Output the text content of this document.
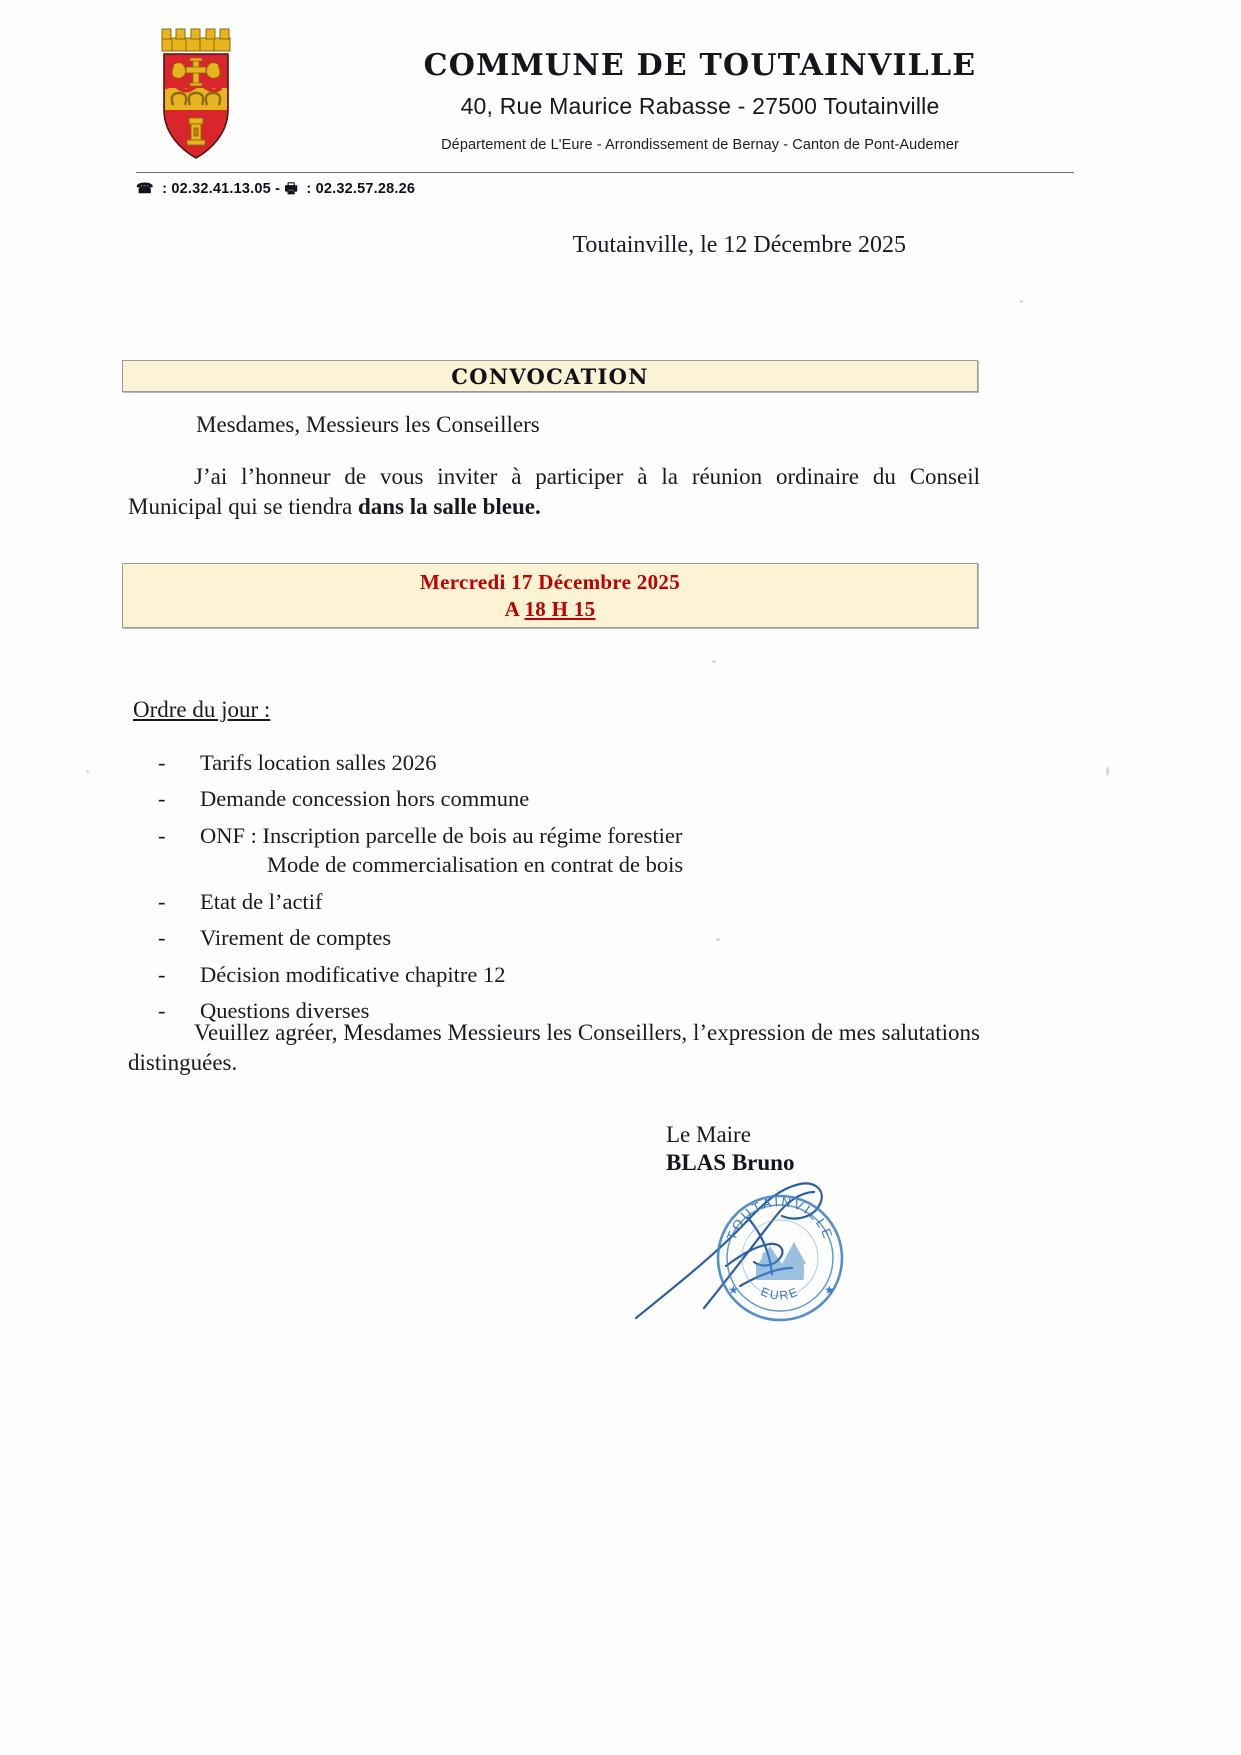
COMMUNE DE TOUTAINVILLE
40, Rue Maurice Rabasse - 27500 Toutainville
Département de L'Eure - Arrondissement de Bernay - Canton de Pont-Audemer
☎  : 02.32.41.13.05 - 🖶  : 02.32.57.28.26
Toutainville, le 12 Décembre 2025
CONVOCATION
Mesdames, Messieurs les Conseillers
J’ai l’honneur de vous inviter à participer à la réunion ordinaire du Conseil Municipal qui se tiendra dans la salle bleue.
Mercredi 17 Décembre 2025
A 18 H 15
Ordre du jour :
-	Tarifs location salles 2026
-	Demande concession hors commune
-	ONF : Inscription parcelle de bois au régime forestier
Mode de commercialisation en contrat de bois
-	Etat de l’actif
-	Virement de comptes
-	Décision modificative chapitre 12
-	Questions diverses
Veuillez agréer, Mesdames Messieurs les Conseillers, l’expression de mes salutations distinguées.
Le Maire
BLAS Bruno
TOUTAINVILLE
EURE
★	★
